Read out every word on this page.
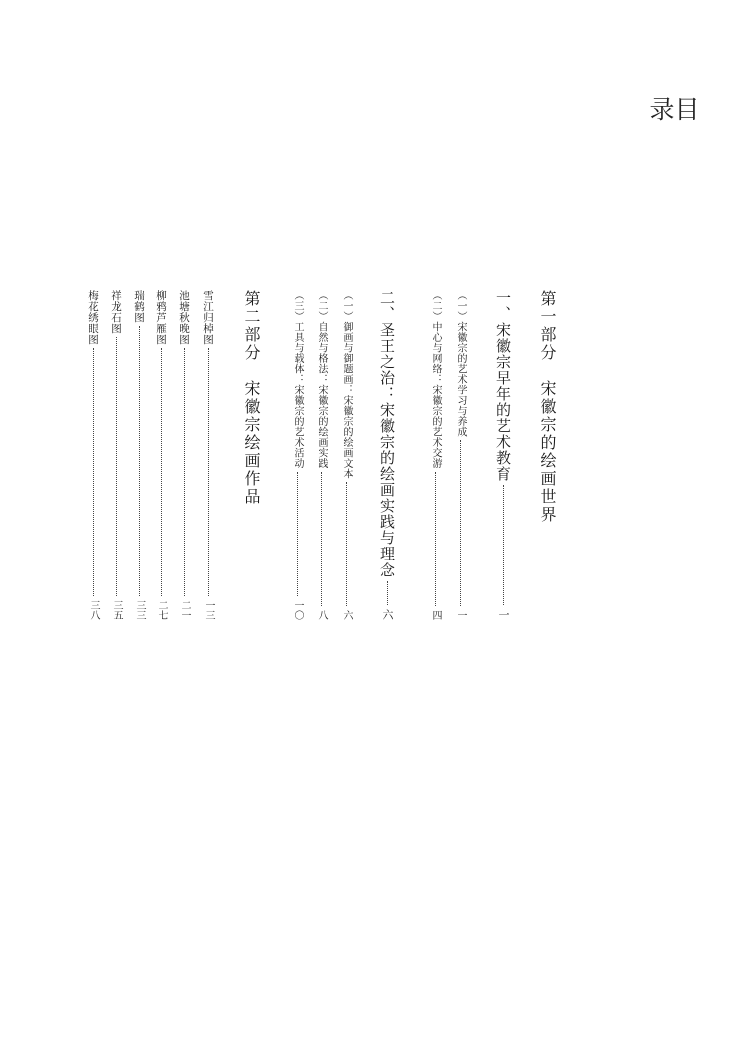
目 录
第一部分　宋徽宗的绘画世界
一、宋徽宗早年的艺术教育
一
（一）宋徽宗的艺术学习与养成
一
（二）中心与网络：宋徽宗的艺术交游
四
二、圣王之治：宋徽宗的绘画实践与理念
六
（一）御画与御题画：宋徽宗的绘画文本
六
（二）自然与格法：宋徽宗的绘画实践
八
（三）工具与载体：宋徽宗的艺术活动
一〇
第二部分　宋徽宗绘画作品
雪江归棹图
一三
池塘秋晚图
二一
柳鸦芦雁图
二七
瑞鹤图
三三
祥龙石图
三五
梅花绣眼图
三八
